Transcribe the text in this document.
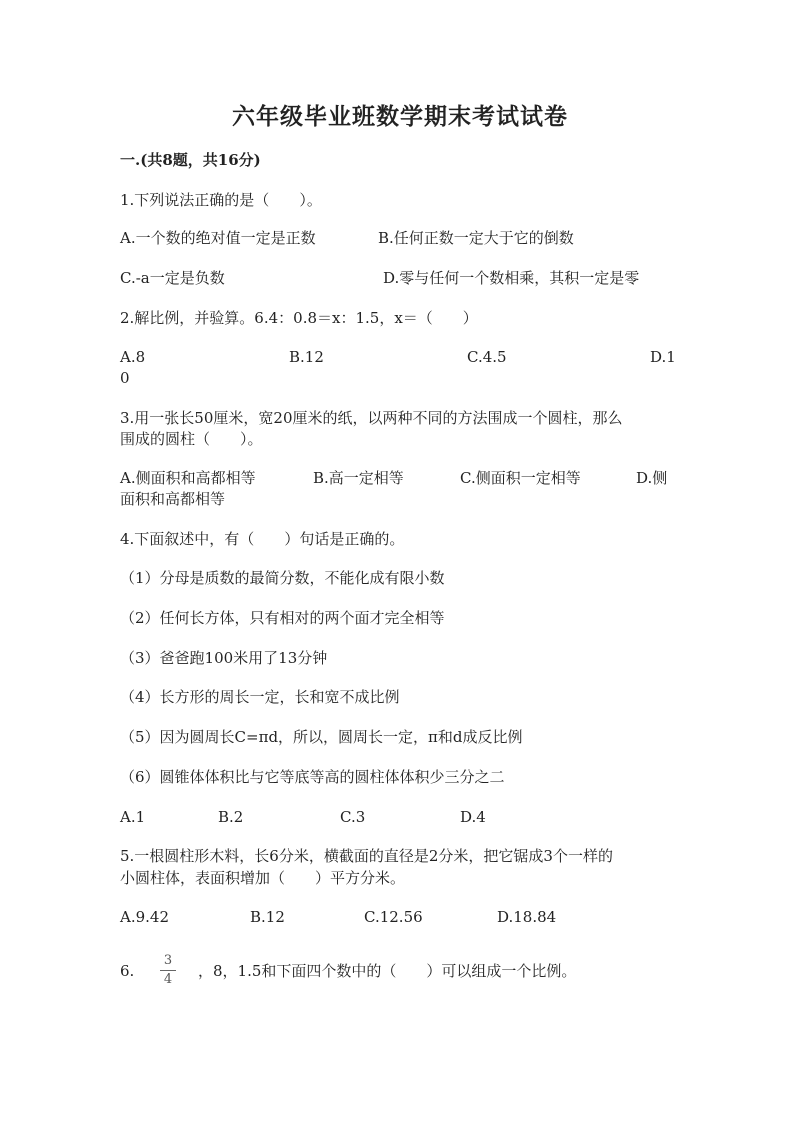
六年级毕业班数学期末考试试卷
一.(共8题，共16分)
1.下列说法正确的是（　　）。
A.一个数的绝对值一定是正数	B.任何正数一定大于它的倒数
C.-a一定是负数	D.零与任何一个数相乘，其积一定是零
2.解比例，并验算。6.4：0.8＝x：1.5，x＝（　　）
A.8	B.12	C.4.5	D.1
0
3.用一张长50厘米，宽20厘米的纸，以两种不同的方法围成一个圆柱，那么
围成的圆柱（　　）。
A.侧面积和高都相等	B.高一定相等	C.侧面积一定相等	D.侧
面积和高都相等
4.下面叙述中，有（　　）句话是正确的。
（1）分母是质数的最简分数，不能化成有限小数
（2）任何长方体，只有相对的两个面才完全相等
（3）爸爸跑100米用了13分钟
（4）长方形的周长一定，长和宽不成比例
（5）因为圆周长C=πd，所以，圆周长一定，π和d成反比例
（6）圆锥体体积比与它等底等高的圆柱体体积少三分之二
A.1	B.2	C.3	D.4
5.一根圆柱形木料，长6分米，横截面的直径是2分米，把它锯成3个一样的
小圆柱体，表面积增加（　　）平方分米。
A.9.42	B.12	C.12.56	D.18.84
6.
3
4 ，8，1.5和下面四个数中的（　　）可以组成一个比例。
